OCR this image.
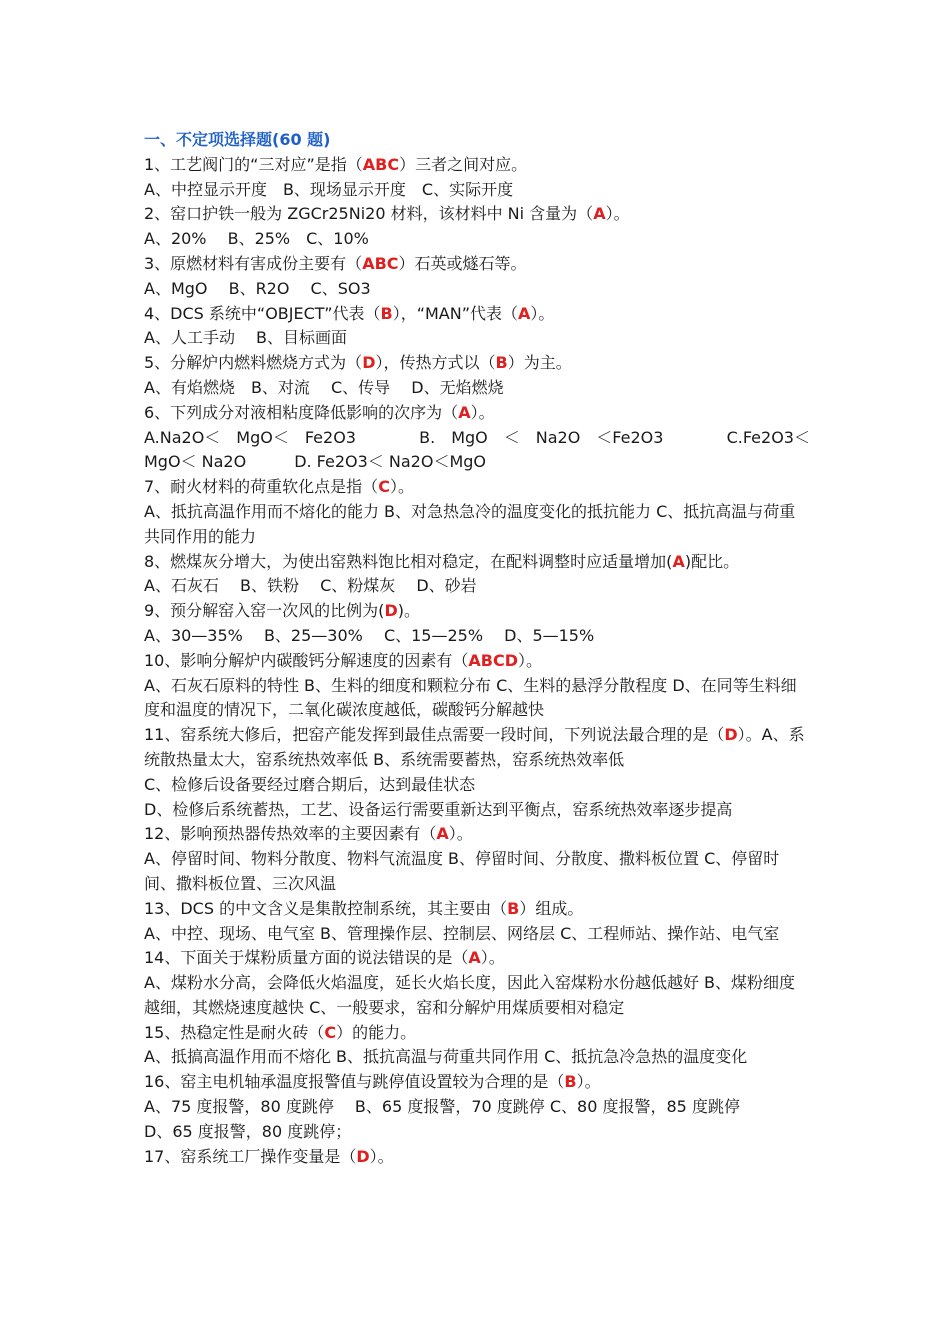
一、不定项选择题(60 题)
1、工艺阀门的“三对应”是指（ABC）三者之间对应。
A、中控显示开度　B、现场显示开度　C、实际开度
2、窑口护铁一般为 ZGCr25Ni20 材料，该材料中 Ni 含量为（A）。
A、20%　 B、25%　C、10%
3、原燃材料有害成份主要有（ABC）石英或燧石等。
A、MgO　 B、R2O　 C、SO3
4、DCS 系统中“OBJECT”代表（B），“MAN”代表（A）。
A、人工手动　 B、目标画面
5、分解炉内燃料燃烧方式为（D），传热方式以（B）为主。
A、有焰燃烧　B、对流　 C、传导　 D、无焰燃烧
6、下列成分对液相粘度降低影响的次序为（A）。
A.Na2O＜　MgO＜　Fe2O3	B.　MgO　＜　Na2O　＜Fe2O3	C.Fe2O3＜
MgO＜ Na2O　　　D. Fe2O3＜ Na2O＜MgO
7、耐火材料的荷重软化点是指（C）。
A、抵抗高温作用而不熔化的能力 B、对急热急冷的温度变化的抵抗能力 C、抵抗高温与荷重共同作用的能力
8、燃煤灰分增大，为使出窑熟料饱比相对稳定，在配料调整时应适量增加(A)配比。
A、石灰石　 B、铁粉　 C、粉煤灰　 D、砂岩
9、预分解窑入窑一次风的比例为(D)。
A、30—35%　 B、25—30%　 C、15—25%　 D、5—15%
10、影响分解炉内碳酸钙分解速度的因素有（ABCD）。
A、石灰石原料的特性 B、生料的细度和颗粒分布 C、生料的悬浮分散程度 D、在同等生料细度和温度的情况下，二氧化碳浓度越低，碳酸钙分解越快
11、窑系统大修后，把窑产能发挥到最佳点需要一段时间，下列说法最合理的是（D）。A、系统散热量太大，窑系统热效率低 B、系统需要蓄热，窑系统热效率低
C、检修后设备要经过磨合期后，达到最佳状态
D、检修后系统蓄热，工艺、设备运行需要重新达到平衡点，窑系统热效率逐步提高
12、影响预热器传热效率的主要因素有（A）。
A、停留时间、物料分散度、物料气流温度 B、停留时间、分散度、撒料板位置 C、停留时间、撒料板位置、三次风温
13、DCS 的中文含义是集散控制系统，其主要由（B）组成。
A、中控、现场、电气室 B、管理操作层、控制层、网络层 C、工程师站、操作站、电气室
14、下面关于煤粉质量方面的说法错误的是（A）。
A、煤粉水分高，会降低火焰温度，延长火焰长度，因此入窑煤粉水份越低越好 B、煤粉细度越细，其燃烧速度越快 C、一般要求，窑和分解炉用煤质要相对稳定
15、热稳定性是耐火砖（C）的能力。
A、抵搞高温作用而不熔化 B、抵抗高温与荷重共同作用 C、抵抗急冷急热的温度变化
16、窑主电机轴承温度报警值与跳停值设置较为合理的是（B）。
A、75 度报警，80 度跳停　 B、65 度报警，70 度跳停 C、80 度报警，85 度跳停
D、65 度报警，80 度跳停；
17、窑系统工厂操作变量是（D）。
